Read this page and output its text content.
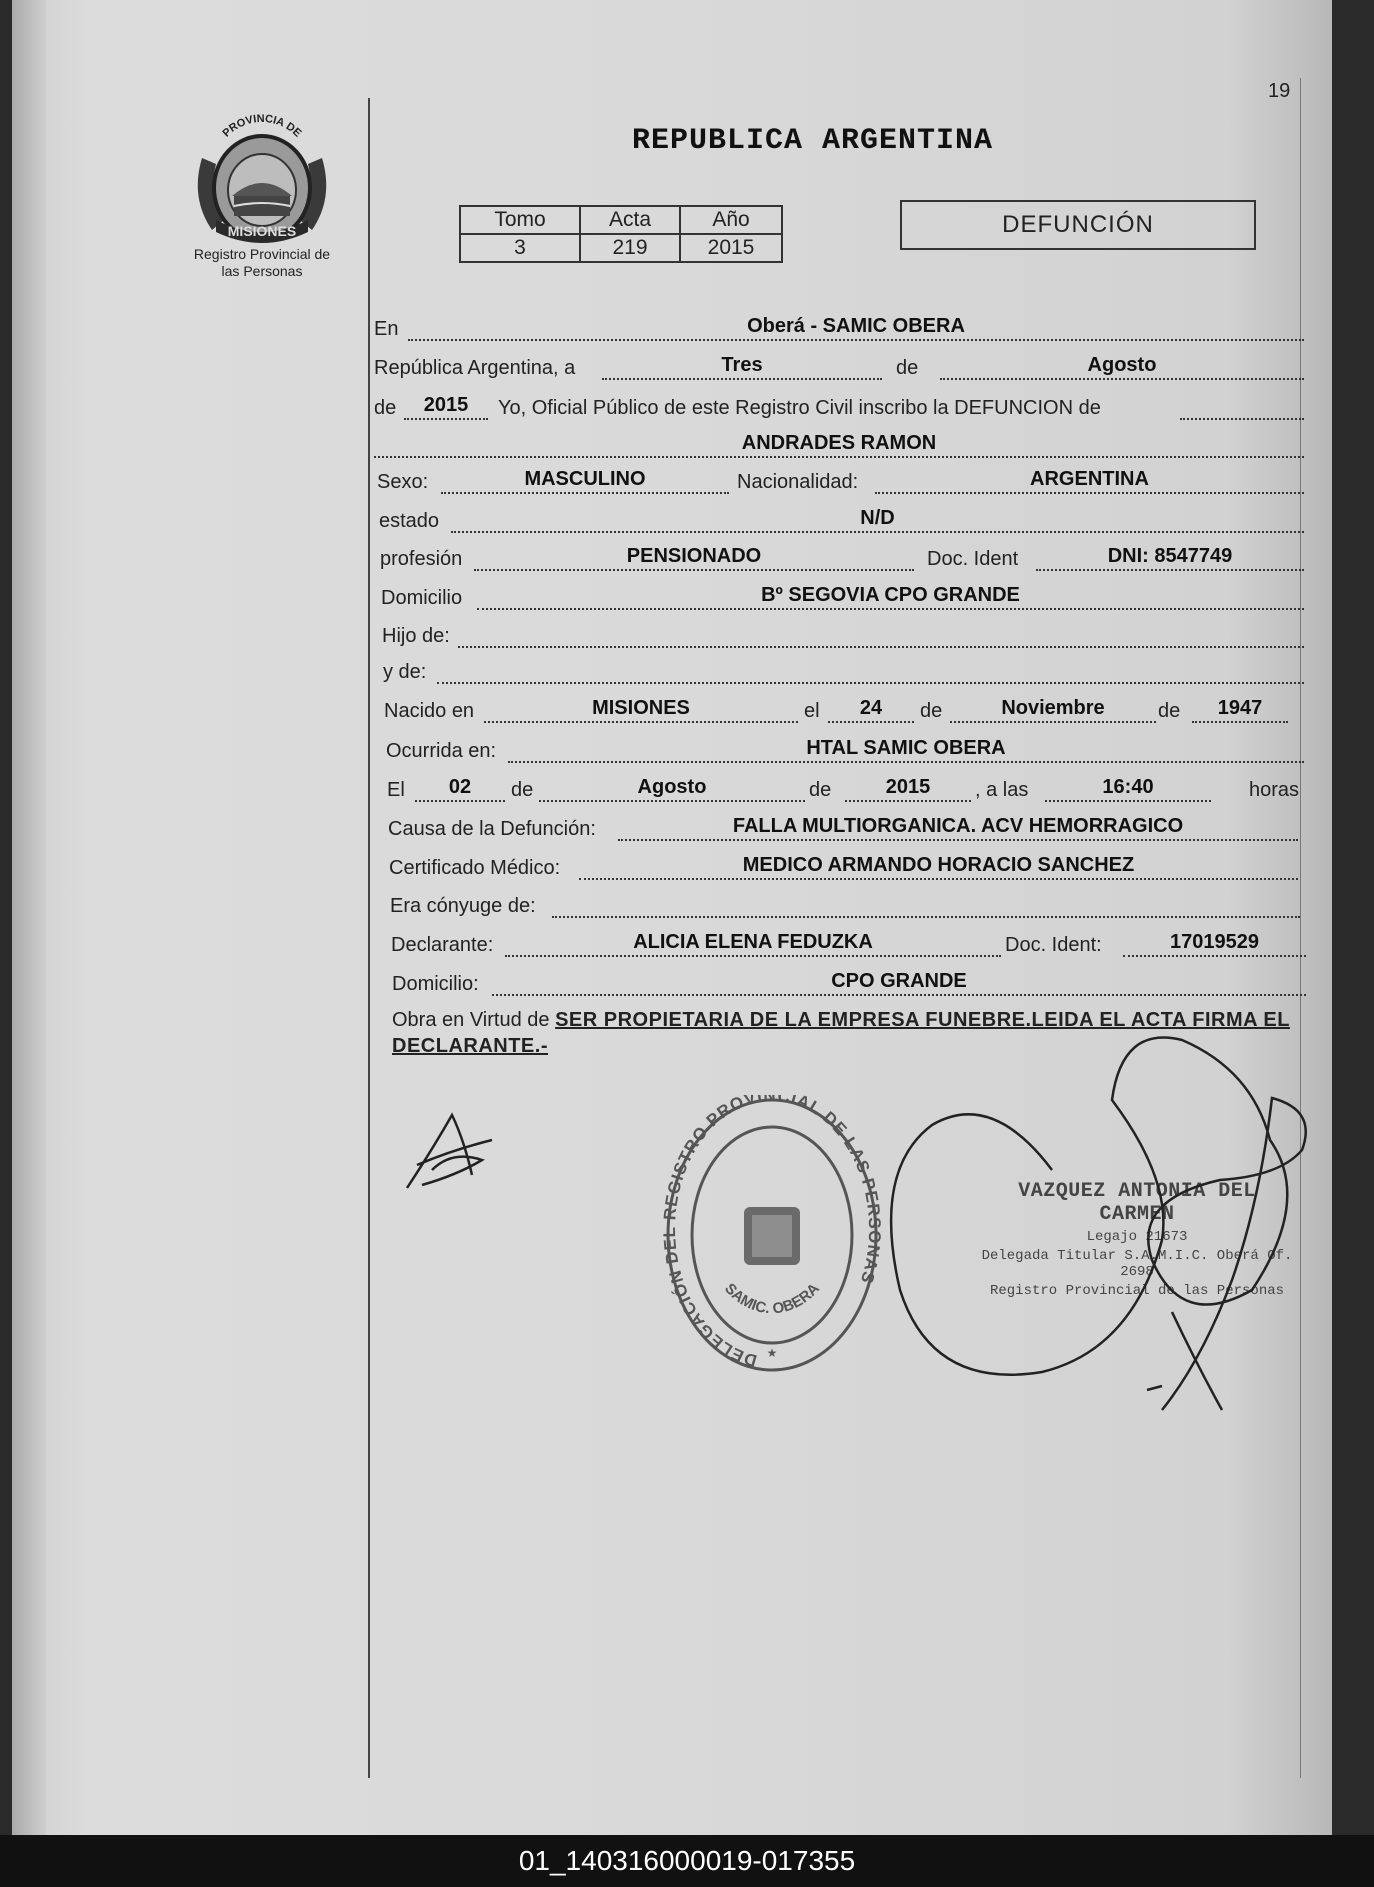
19
PROVINCIA DE
MISIONES
Registro Provincial de
las Personas
REPUBLICA ARGENTINA
Tomo	Acta	Año
3	219	2015
DEFUNCIÓN
En	Oberá - SAMIC OBERA
República Argentina, a	Tres	de	Agosto
de	2015	Yo, Oficial Público de este Registro Civil inscribo la DEFUNCION de
ANDRADES RAMON
Sexo:	MASCULINO	Nacionalidad:	ARGENTINA
estado	N/D
profesión	PENSIONADO	Doc. Ident	DNI: 8547749
Domicilio	Bº SEGOVIA CPO GRANDE
Hijo de:
y de:
Nacido en	MISIONES	el	24	de	Noviembre	de	1947
Ocurrida en:	HTAL SAMIC OBERA
El	02	de	Agosto	de	2015	, a las	16:40	horas
Causa de la Defunción:	FALLA MULTIORGANICA. ACV HEMORRAGICO
Certificado Médico:	MEDICO ARMANDO HORACIO SANCHEZ
Era cónyuge de:
Declarante:	ALICIA ELENA FEDUZKA	Doc. Ident:	17019529
Domicilio:	CPO GRANDE
Obra en Virtud de SER PROPIETARIA DE LA EMPRESA FUNEBRE.LEIDA EL ACTA FIRMA EL DECLARANTE.-
DELEGACIÓN DE REGISTRO PROVINCIAL DE LAS PER NAS
SAMIC. OBERA
★
VAZQUEZ ANTONIA DEL CARMEN
Legajo 21673
Delegada Titular S.A.M.I.C. Oberá Of. 2698
Registro Provincial de las Personas
01_140316000019-017355
